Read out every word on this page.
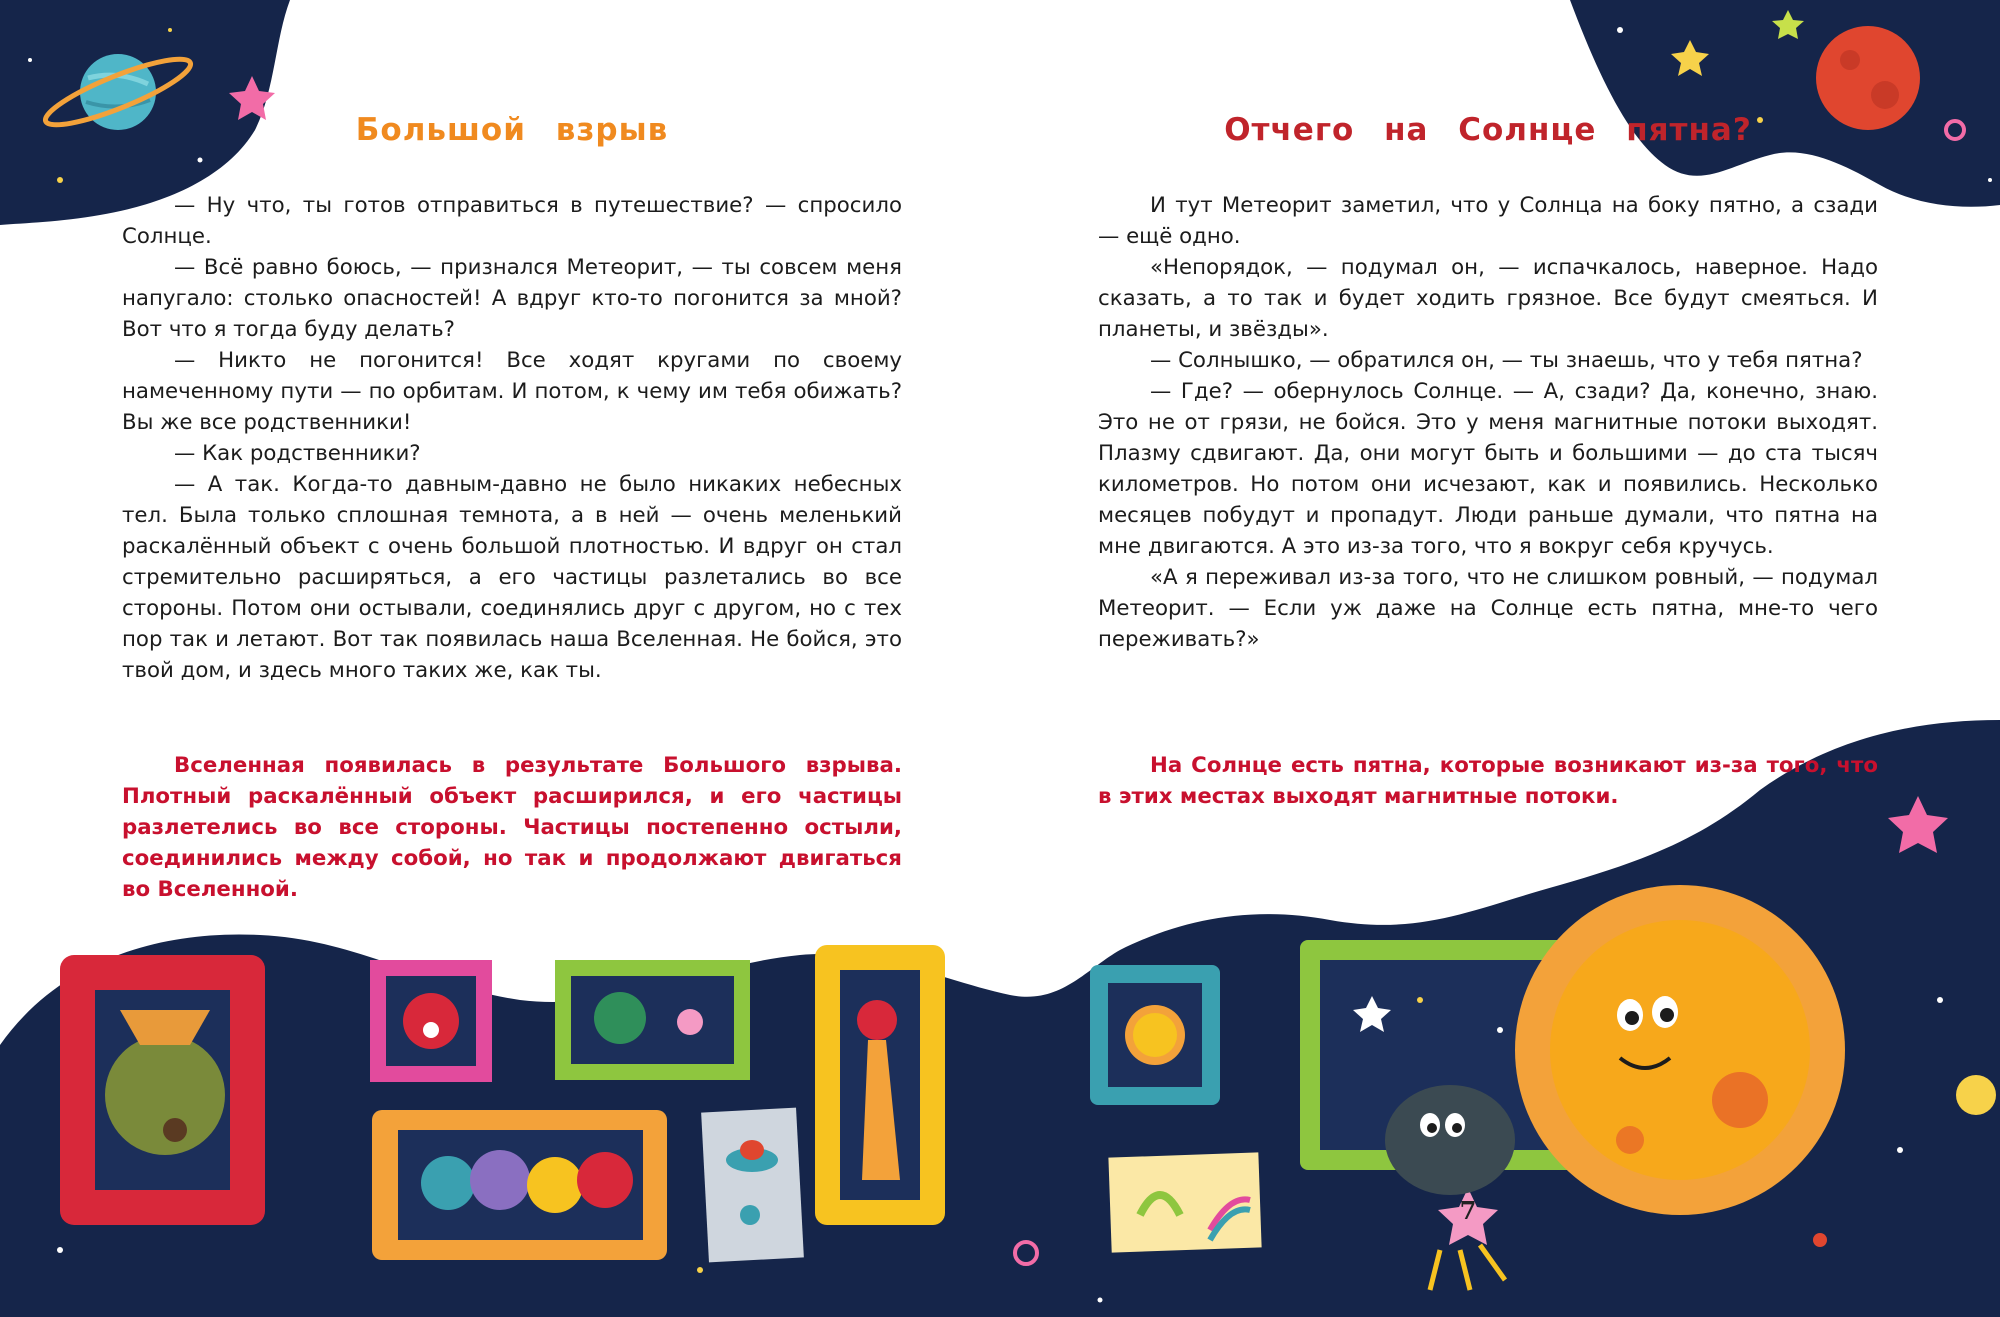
Большой взрыв

— Ну что, ты готов отправиться в путешествие? — спросило Солнце.

— Всё равно боюсь, — признался Метеорит, — ты совсем меня напугало: столько опасностей! А вдруг кто-то погонится за мной? Вот что я тогда буду делать?

— Никто не погонится! Все ходят кругами по своему намеченному пути — по орбитам. И потом, к чему им тебя обижать? Вы же все родственники!

— Как родственники?

— А так. Когда-то давным-давно не было никаких небесных тел. Была только сплошная темнота, а в ней — очень меленький раскалённый объект с очень большой плотностью. И вдруг он стал стремительно расширяться, а его частицы разлетались во все стороны. Потом они остывали, соединялись друг с другом, но с тех пор так и летают. Вот так появилась наша Вселенная. Не бойся, это твой дом, и здесь много таких же, как ты.

Вселенная появилась в результате Большого взрыва. Плотный раскалённый объект расширился, и его частицы разлетелись во все стороны. Частицы постепенно остыли, соединились между собой, но так и продолжают двигаться во Вселенной.

Отчего на Солнце пятна?

И тут Метеорит заметил, что у Солнца на боку пятно, а сзади — ещё одно.

«Непорядок, — подумал он, — испачкалось, наверное. Надо сказать, а то так и будет ходить грязное. Все будут смеяться. И планеты, и звёзды».

— Солнышко, — обратился он, — ты знаешь, что у тебя пятна?

— Где? — обернулось Солнце. — А, сзади? Да, конечно, знаю. Это не от грязи, не бойся. Это у меня магнитные потоки выходят. Плазму сдвигают. Да, они могут быть и большими — до ста тысяч километров. Но потом они исчезают, как и появились. Несколько месяцев побудут и пропадут. Люди раньше думали, что пятна на мне двигаются. А это из-за того, что я вокруг себя кручусь.

«А я переживал из-за того, что не слишком ровный, — подумал Метеорит. — Если уж даже на Солнце есть пятна, мне-то чего переживать?»

На Солнце есть пятна, которые возникают из-за того, что в этих местах выходят магнитные потоки.

7
